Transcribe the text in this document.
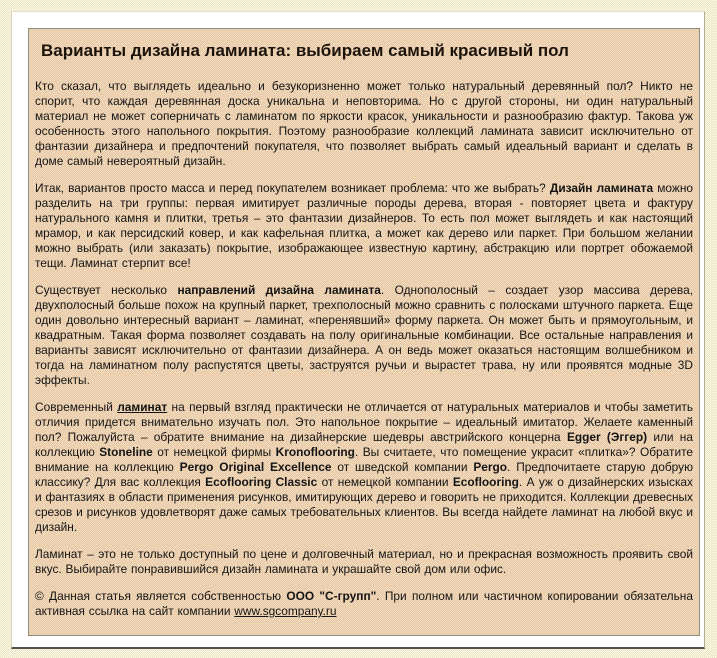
Варианты дизайна ламината: выбираем самый красивый пол

Кто сказал, что выглядеть идеально и безукоризненно может только натуральный деревянный пол? Никто не спорит, что каждая деревянная доска уникальна и неповторима. Но с другой стороны, ни один натуральный материал не может соперничать с ламинатом по яркости красок, уникальности и разнообразию фактур. Такова уж особенность этого напольного покрытия. Поэтому разнообразие коллекций ламината зависит исключительно от фантазии дизайнера и предпочтений покупателя, что позволяет выбрать самый идеальный вариант и сделать в доме самый невероятный дизайн.

Итак, вариантов просто масса и перед покупателем возникает проблема: что же выбрать? Дизайн ламината можно разделить на три группы: первая имитирует различные породы дерева, вторая - повторяет цвета и фактуру натурального камня и плитки, третья – это фантазии дизайнеров. То есть пол может выглядеть и как настоящий мрамор, и как персидский ковер, и как кафельная плитка, а может как дерево или паркет. При большом желании можно выбрать (или заказать) покрытие, изображающее известную картину, абстракцию или портрет обожаемой тещи. Ламинат стерпит все!

Существует несколько направлений дизайна ламината. Однополосный – создает узор массива дерева, двухполосный больше похож на крупный паркет, трехполосный можно сравнить с полосками штучного паркета. Еще один довольно интересный вариант – ламинат, «перенявший» форму паркета. Он может быть и прямоугольным, и квадратным. Такая форма позволяет создавать на полу оригинальные комбинации. Все остальные направления и варианты зависят исключительно от фантазии дизайнера. А он ведь может оказаться настоящим волшебником и тогда на ламинатном полу распустятся цветы, заструятся ручьи и вырастет трава, ну или проявятся модные 3D эффекты.

Современный ламинат на первый взгляд практически не отличается от натуральных материалов и чтобы заметить отличия придется внимательно изучать пол. Это напольное покрытие – идеальный имитатор. Желаете каменный пол? Пожалуйста – обратите внимание на дизайнерские шедевры австрийского концерна Egger (Эггер) или на коллекцию Stoneline от немецкой фирмы Kronoflooring. Вы считаете, что помещение украсит «плитка»? Обратите внимание на коллекцию Pergo Original Excellence от шведской компании Pergo. Предпочитаете старую добрую классику? Для вас коллекция Ecoflooring Classic от немецкой компании Ecoflooring. А уж о дизайнерских изысках и фантазиях в области применения рисунков, имитирующих дерево и говорить не приходится. Коллекции древесных срезов и рисунков удовлетворят даже самых требовательных клиентов. Вы всегда найдете ламинат на любой вкус и дизайн.

Ламинат – это не только доступный по цене и долговечный материал, но и прекрасная возможность проявить свой вкус. Выбирайте понравившийся дизайн ламината и украшайте свой дом или офис.

© Данная статья является собственностью ООО "С-групп". При полном или частичном копировании обязательна активная ссылка на сайт компании www.sgcompany.ru
